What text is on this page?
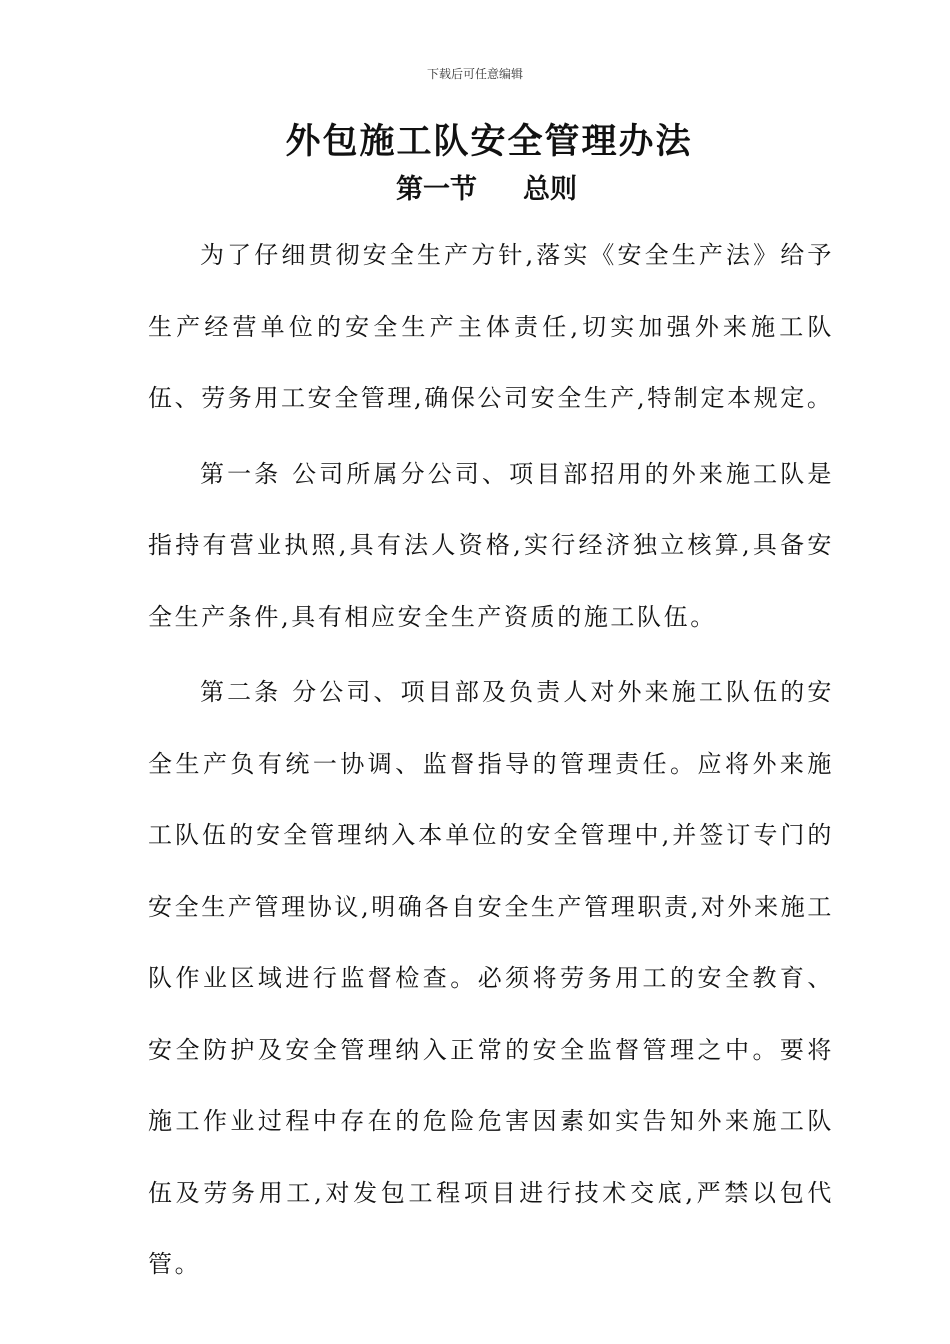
下载后可任意编辑
外包施工队安全管理办法
第一节 总则

为了仔细贯彻安全生产方针,落实《安全生产法》给予生产经营单位的安全生产主体责任,切实加强外来施工队伍、劳务用工安全管理,确保公司安全生产,特制定本规定。

第一条 公司所属分公司、项目部招用的外来施工队是指持有营业执照,具有法人资格,实行经济独立核算,具备安全生产条件,具有相应安全生产资质的施工队伍。

第二条 分公司、项目部及负责人对外来施工队伍的安全生产负有统一协调、监督指导的管理责任。应将外来施工队伍的安全管理纳入本单位的安全管理中,并签订专门的安全生产管理协议,明确各自安全生产管理职责,对外来施工队作业区域进行监督检查。必须将劳务用工的安全教育、安全防护及安全管理纳入正常的安全监督管理之中。要将施工作业过程中存在的危险危害因素如实告知外来施工队伍及劳务用工,对发包工程项目进行技术交底,严禁以包代管。
